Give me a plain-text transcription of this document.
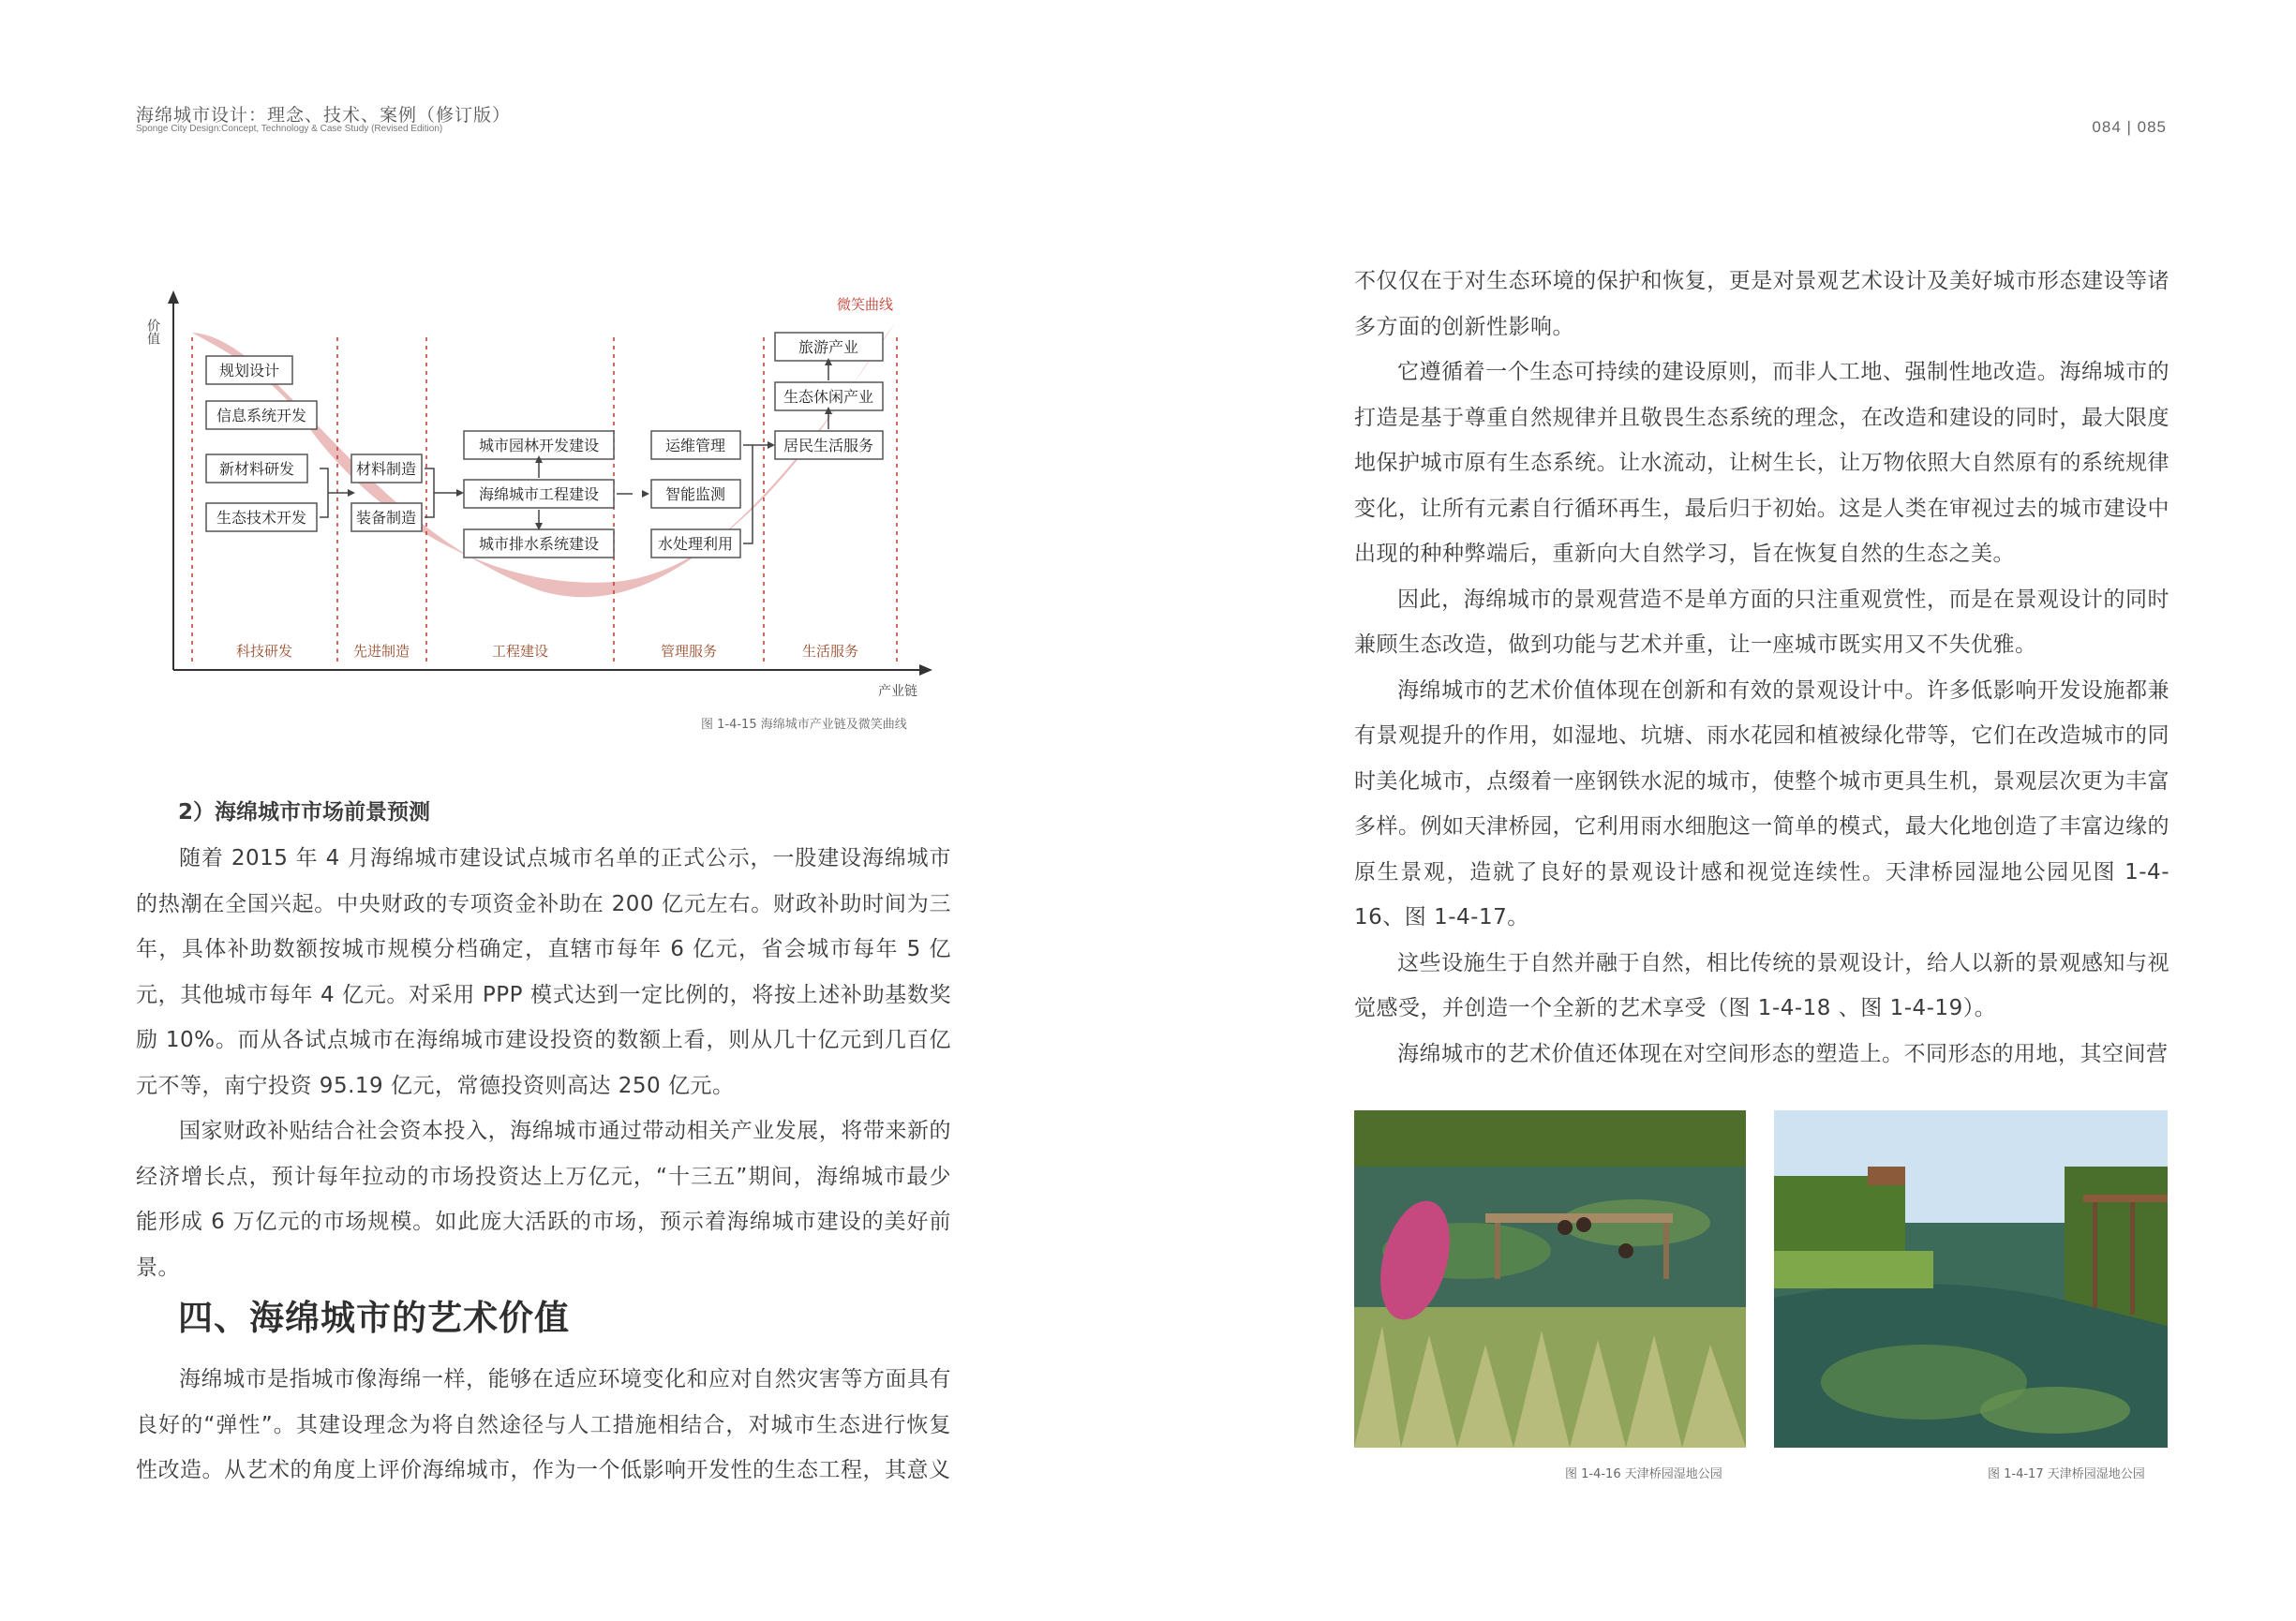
海绵城市设计：理念、技术、案例（修订版）
Sponge City Design:Concept, Technology & Case Study (Revised Edition)	084 | 085
价值
产业链
微笑曲线
科技研发	先进制造	工程建设	管理服务	生活服务
规划设计
信息系统开发
新材料研发
生态技术开发
材料制造
装备制造
城市园林开发建设
海绵城市工程建设
城市排水系统建设
运维管理
智能监测
水处理利用
旅游产业
生态休闲产业
居民生活服务
图 1-4-15 海绵城市产业链及微笑曲线
2）海绵城市市场前景预测

随着 2015 年 4 月海绵城市建设试点城市名单的正式公示，一股建设海绵城市的热潮在全国兴起。中央财政的专项资金补助在 200 亿元左右。财政补助时间为三年，具体补助数额按城市规模分档确定，直辖市每年 6 亿元，省会城市每年 5 亿元，其他城市每年 4 亿元。对采用 PPP 模式达到一定比例的，将按上述补助基数奖励 10%。而从各试点城市在海绵城市建设投资的数额上看，则从几十亿元到几百亿元不等，南宁投资 95.19 亿元，常德投资则高达 250 亿元。

国家财政补贴结合社会资本投入，海绵城市通过带动相关产业发展，将带来新的经济增长点，预计每年拉动的市场投资达上万亿元，“十三五”期间，海绵城市最少能形成 6 万亿元的市场规模。如此庞大活跃的市场，预示着海绵城市建设的美好前景。

四、海绵城市的艺术价值

海绵城市是指城市像海绵一样，能够在适应环境变化和应对自然灾害等方面具有良好的“弹性”。其建设理念为将自然途径与人工措施相结合，对城市生态进行恢复性改造。从艺术的角度上评价海绵城市，作为一个低影响开发性的生态工程，其意义

不仅仅在于对生态环境的保护和恢复，更是对景观艺术设计及美好城市形态建设等诸多方面的创新性影响。

它遵循着一个生态可持续的建设原则，而非人工地、强制性地改造。海绵城市的打造是基于尊重自然规律并且敬畏生态系统的理念，在改造和建设的同时，最大限度地保护城市原有生态系统。让水流动，让树生长，让万物依照大自然原有的系统规律变化，让所有元素自行循环再生，最后归于初始。这是人类在审视过去的城市建设中出现的种种弊端后，重新向大自然学习，旨在恢复自然的生态之美。

因此，海绵城市的景观营造不是单方面的只注重观赏性，而是在景观设计的同时兼顾生态改造，做到功能与艺术并重，让一座城市既实用又不失优雅。

海绵城市的艺术价值体现在创新和有效的景观设计中。许多低影响开发设施都兼有景观提升的作用，如湿地、坑塘、雨水花园和植被绿化带等，它们在改造城市的同时美化城市，点缀着一座钢铁水泥的城市，使整个城市更具生机，景观层次更为丰富多样。例如天津桥园，它利用雨水细胞这一简单的模式，最大化地创造了丰富边缘的原生景观，造就了良好的景观设计感和视觉连续性。天津桥园湿地公园见图 1-4-16、图 1-4-17。

这些设施生于自然并融于自然，相比传统的景观设计，给人以新的景观感知与视觉感受，并创造一个全新的艺术享受（图 1-4-18 、图 1-4-19）。

海绵城市的艺术价值还体现在对空间形态的塑造上。不同形态的用地，其空间营

图 1-4-16 天津桥园湿地公园	图 1-4-17 天津桥园湿地公园
